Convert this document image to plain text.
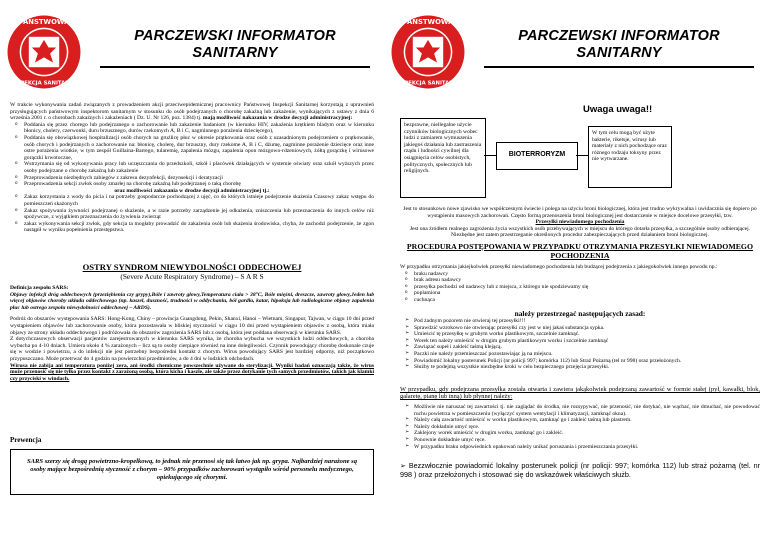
PAŃSTWOWA
INSPEKCJA SANITARNA
PARCZEWSKI INFORMATOR
SANITARNY

W trakcie wykonywania zadań związanych z prowadzeniem akcji przeciwepidemicznej pracownicy Państwowej Inspekcji Sanitarnej korzystają z uprawnień przysługujących państwowym inspektorom sanitarnym w stosunku do osób podejrzanych o chorobę zakaźną lub zakażenie, wynikających z ustawy z dnia 6 września 2001 r. o chorobach zakaźnych i zakażeniach ( Dz. U. Nr 126, poz. 1384) tj. mają możliwość nakazania w drodze decyzji administracyjnej:

o Poddania się przez chorego lub podejrzanego o zachorowanie lub zakażenie badaniom (w kierunku HIV, zakażenia krętkiem bladym oraz w kierunku błonicy, cholery, czerwonki, duru brzusznego, durów rzekomych A, B i C, nagminnego porażenia dziecięcego),
o Poddania się obowiązkowej hospitalizacji osób chorych na grużlicę płuc w okresie prątkowania oraz osób z uzasadnionym podejrzeniem o prątkowanie, osób chorych i podejrzanych o zachorowanie na: błonicę, cholerę, dur brzuszny, dury rzekome A, B i C, dżumę, nagminne porażenie dziecięce oraz inne ostre porażenia wiotkie, w tym zespół Guillaina-Barrego, tularemię, zapalenia mózgu, zapalenia opon mózgowo-rdzeniowych, żółtą gorączkę i wirusowe gorączki krwotoczne,
o Wstrzymania się od wykonywania pracy lub uczęszczania do przedszkoli, szkół i placówek działających w systemie oświaty oraz szkół wyższych przez osoby podejrzane o chorobę zakaźną lub zakażenie
o Przeprowadzenia niezbędnych zabiegów z zakresu dezynfekcji, dezynsekcji i deratyzacji
o Przeprowadzenia sekcji zwłok osoby zmarłej na chorobę zakaźną lub podejrzanej o taką chorobę

oraz możliwości zakazania w drodze decyzji administracyjnej tj.:

o Zakaz korzystania z wody do picia i na potrzeby gospodarcze pochodzącej z ujęć, co do których istnieje podejrzenie skażenia Czasowy zakaz wstępu do pomieszczeń skażonych
o Zakaz spożywania żywności podejrzanej o skażenie, a w razie potrzeby zarządzenie jej odkażenia, zniszczenia lub przeznaczenia do innych celów niż spożywcze, z wyjątkiem przeznaczenia do żywienia zwierząt
o zakaz wykonywania sekcji zwłok, gdy sekcja ta mogłaby prowadzić do zakażenia osób lub skażenia środowiska, chyba, że zachodzi podejrzenie, że zgon nastąpił w wyniku popełnienia przestępstwa.
OSTRY SYNDROM NIEWYDOLNOŚCI ODDECHOWEJ
(Severe Acute Respiratory Syndrome) – S A R S

Definicja zespołu SARS:

Objawy infekcji dróg oddechowych (przeziębienia czy grypy),Bóle i zawroty głowy,Temperatura ciała > 38°C, Bóle mięśni, dreszcze, zawroty głowy,Jeden lub więcej objawów choroby układu oddechowego (np. kaszel, duszność, trudności w oddychaniu, ból gardła, katar, hipoksja lub radiologiczne objawy zapalenia płuc lub ostrego zespołu niewydolności oddechowej – ARDS).

Podróż do obszarów występowania SARS: Hong-Kong, Chiny – prowincja Guangdong, Pekin, Shanxi, Hanoi – Wietnam, Singapur, Tajwan, w ciągu 10 dni przed wystąpieniem objawów lub zachorowanie osoby, która pozostawała w bliskiej styczności w ciągu 10 dni przed wystąpieniem objawów z osobą, która miała objawy ze strony układu oddechowego i podróżowała do obszarów zagrożenia SARS lub z osobą, która jest poddana obserwacji w kierunku SARS.

Z dotychczasowych obserwacji pacjentów zarejestrowanych w kierunku SARS wynika, że choroba wybucha we wszystkich ludzi oddechowych, a choroba wybucha po 4-10 dniach. Umiera około 4 % zarażonych – licz są to osoby cierpiące również na inne dolegliwości. Czynnik powodujący chorobę doskonale czuje się w wodzie i powietrzu, a do infekcji nie jest potrzebny bezpośredni kontakt z chorym. Wirus powodujący SARS jest bardziej odporny, niż początkowo przypuszczano. Może przetrwać do 4 godzin na powierzchni przedmiotów, a do 4 dni w ludzkich odchodach.

Wirusa nie zabija ani temperatura poniżej zera, ani środki chemiczne powszechnie używane do sterylizacji. Wyniki badań oznaczają także, że wirus może przenosić się nie tylko przez kontakt z zarażoną osobą, która kicha i kaszle, ale także przez dotykanie tych samych przedmiotów, takich jak klamki czy przyciski w windach.

Prewencja
SARS szerzy się drogą powietrzno-kropelkową, to jednak nie przenosi się tak łatwo jak np. grypa. Najbardziej narażone są osoby mające bezpośrednią styczność z chorym – 90% przypadków zachorowań wystąpiło wśród personelu medycznego, opiekującego się chorymi.
PAŃSTWOWA
INSPEKCJA SANITARNA
PARCZEWSKI INFORMATOR
SANITARNY
Uwaga uwaga!!
bezprawne, niellegalne użycie czynników biologicznych wobec ludzi z zamiarem wymuszenia jakiegoś działania lub zastraszenia rządu i ludności cywilnej dla osiągnięcia celów osobistych, politycznych, społecznych lub religijnych.
BIOTERRORYZM
W tym celu mogą być użyte bakterie, riketsje, wirusy lub materiały z nich pochodzące oraz różnego rodzaju toksyny przez nie wytwarzane.

Jest to stosunkowo nowe zjawisko we współczesnym świecie i polega na użyciu broni biologicznej, która jest trudno wykrywalna i uwidacznia się dopiero po wystąpieniu masowych zachorowań. Często formą przenoszenia broni biologicznej jest dostarczenie w miejsce docelowe przesyłki, tzw.

Przesyłki niewiadomego pochodzenia

Jest ona źródłem realnego zagrożenia życia wszystkich osób przebywających w miejscu do którego dotarła przesyłka, a szczególnie osoby odbierającej. Niezbędne jest zatem przestrzeganie określonych procedur zabezpieczających przed działaniem broni biologicznej.

PROCEDURA POSTĘPOWANIA W PRZYPADKU OTRZYMANIA PRZESYŁKI NIEWIADOMEGO POCHODZENIA

W przypadku otrzymania jakiejkolwiek przesyłki niewiadomego pochodzenia lub budzącej podejrzenia z jakiegokolwiek innego powodu np.:

o braku nadawcy
o brak adresu nadawcy
o przesyłka pochodzi od nadawcy lub z miejsca, z którego nie spodziewamy się
o poplamiona
o cuchnąca
należy przestrzegać następujących zasad:
➢ Pod żadnym pozorem nie otwieraj tej przesyłki!!!
➢ Sprawdzić wzrokowo nie otwierając przesyłki czy jest w niej jakaś substancja sypka.
➢ Umieścić tę przesyłkę w grubym worku plastikowym, szczelnie zamknąć.
➢ Worek ten należy umieścić w drugim grubym plastikowym worku i szczelnie zamknąć
➢ Zawiązać supeł i zakleić taśmą klejącą.
➢ Paczki nie należy przemieszczać pozostawiając ją na miejscu.
➢ Powiadomić lokalny posterunek Policji (nr policji 997; komórka 112) lub Straż Pożarną (tel nr 998) oraz przełożonych.
➢ Służby te podejmą wszystkie niezbędne kroki w celu bezpiecznego przejęcia przesyłki.
W przypadku, gdy podejrzana przesyłka została otwarta i zawiera jakąkolwiek podejrzaną zawartość w formie stałej (pył, kawałki, blok, galaretę, pianę lub inną) lub płynnej należy:
➢ Możliwie nie naruszać tej zawartości tj. nie zaglądać do środka, nie rozsypywać, nie przenosić, nie dotykać, nie wąchać, nie dmuchać, nie powodować ruchu powietrza w pomieszczeniu (wyłączyć system wentylacji i klimatyzacji, zamknąć okna).
➢ Należy całą zawartość umieścić w worku plastikowym, zamknąć go i zakleić taśmą lub plastrem.
➢ Należy dokładnie umyć ręce.
➢ Zaklejony worek umieścić w drugim worku, zamknąć go i zakleić.
➢ Ponownie dokładnie umyć ręce.
➢ W przypadku braku odpowiednich opakowań należy unikać poruszania i przemieszczania przesyłki.
➢ Bezzwłocznie powiadomić lokalny posterunek policji (nr policji: 997; komórka 112) lub straż pożarną (tel. nr 998 ) oraz przełożonych i stosować się do wskazówek właściwych służb.
